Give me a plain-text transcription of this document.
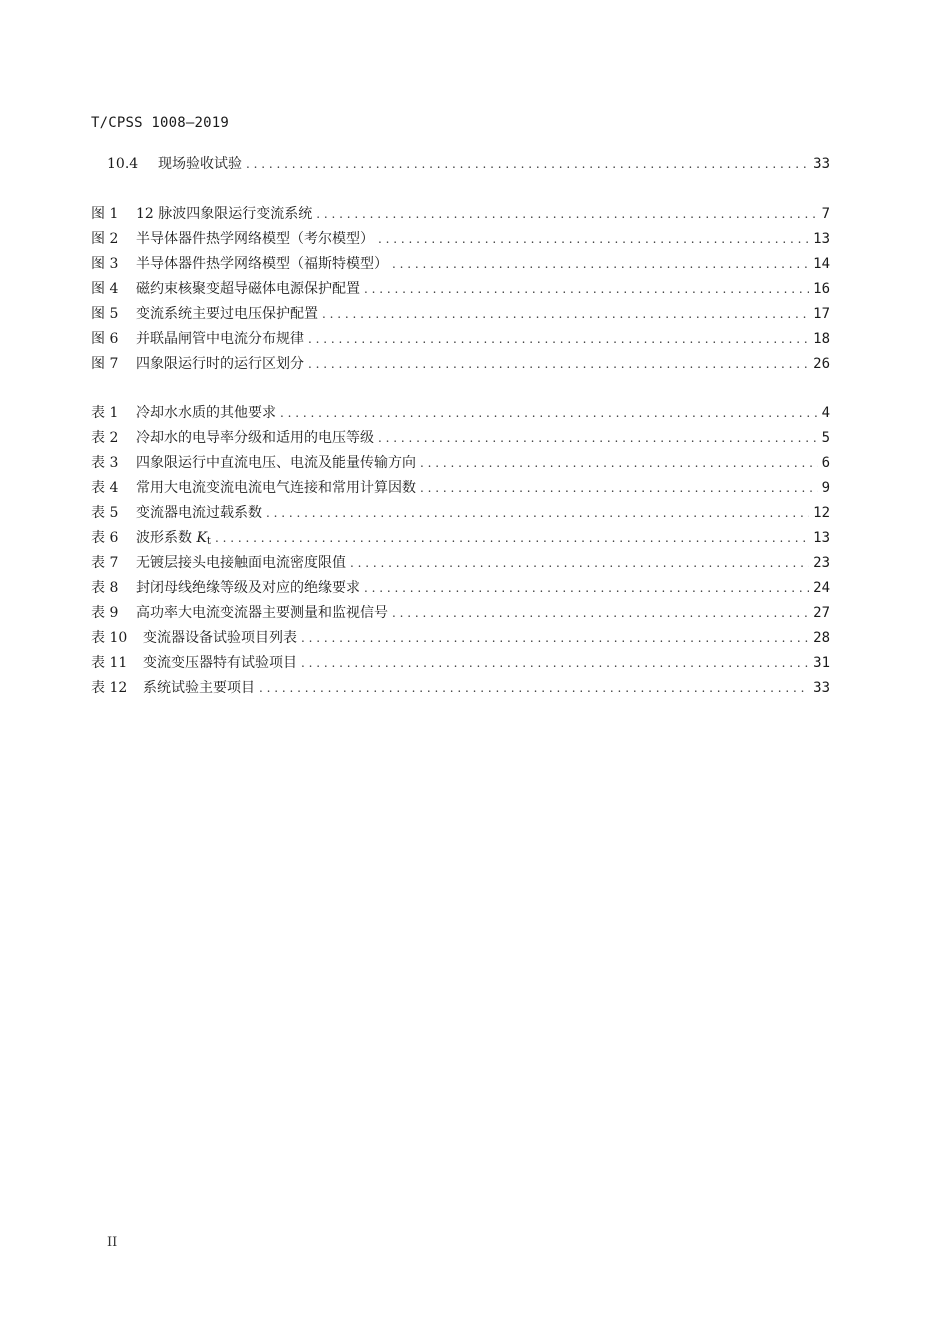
T/CPSS 1008—2019
10.4	现场验收试验 . . .	33
图 1 12 脉波四象限运行变流系统 . . .	7
图 2 半导体器件热学网络模型（考尔模型） . . .	13
图 3 半导体器件热学网络模型（福斯特模型） . . .	14
图 4 磁约束核聚变超导磁体电源保护配置 . . .	16
图 5 变流系统主要过电压保护配置 . . .	17
图 6 并联晶闸管中电流分布规律 . . .	18
图 7 四象限运行时的运行区划分 . . .	26
表 1 冷却水水质的其他要求 . . .	4
表 2 冷却水的电导率分级和适用的电压等级 . . .	5
表 3 四象限运行中直流电压、电流及能量传输方向 . . .	6
表 4 常用大电流变流电流电气连接和常用计算因数 . . .	9
表 5 变流器电流过载系数 . . .	12
表 6 波形系数 $K_t$ . . .	13
表 7 无镀层接头电接触面电流密度限值 . . .	23
表 8 封闭母线绝缘等级及对应的绝缘要求 . . .	24
表 9 高功率大电流变流器主要测量和监视信号 . . .	27
表 10 变流器设备试验项目列表 . . .	28
表 11 变流变压器特有试验项目 . . .	31
表 12 系统试验主要项目 . . .	33
II
